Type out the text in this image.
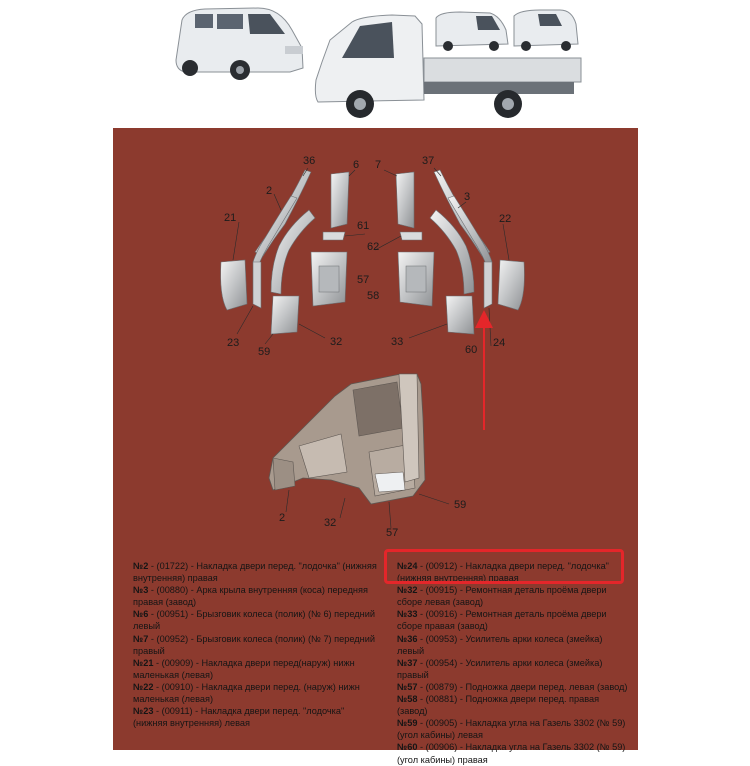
36	6 7	37
2	3
21	22
61
62
57
58
23
59
32	33
60
24
2	32
59
57
№2 - (01722) - Накладка двери перед. "лодочка" (нижняя внутренняя) правая
№3 - (00880) - Арка крыла внутренняя (коса) передняя правая (завод)
№6 - (00951) - Брызговик колеса (полик) (№ 6) передний левый
№7 - (00952) - Брызговик колеса (полик) (№ 7) передний правый
№21 - (00909) - Накладка двери перед(наруж) нижн маленькая (левая)
№22 - (00910) - Накладка двери перед. (наруж) нижн маленькая (левая)
№23 - (00911) - Накладка двери перед. "лодочка" (нижняя внутренняя) левая
№24 - (00912) - Накладка двери перед. "лодочка" (нижняя внутренняя) правая
№32 - (00915) - Ремонтная деталь проёма двери сборе левая (завод)
№33 - (00916) - Ремонтная деталь проёма двери сборе правая (завод)
№36 - (00953) - Усилитель арки колеса (змейка) левый
№37 - (00954) - Усилитель арки колеса (змейка) правый
№57 - (00879) - Подножка двери перед. левая (завод)
№58 - (00881) - Подножка двери перед. правая (завод)
№59 - (00905) - Накладка угла на Газель 3302 (№ 59) (угол кабины) левая
№60 - (00906) - Накладка угла на Газель 3302 (№ 59) (угол кабины) правая
